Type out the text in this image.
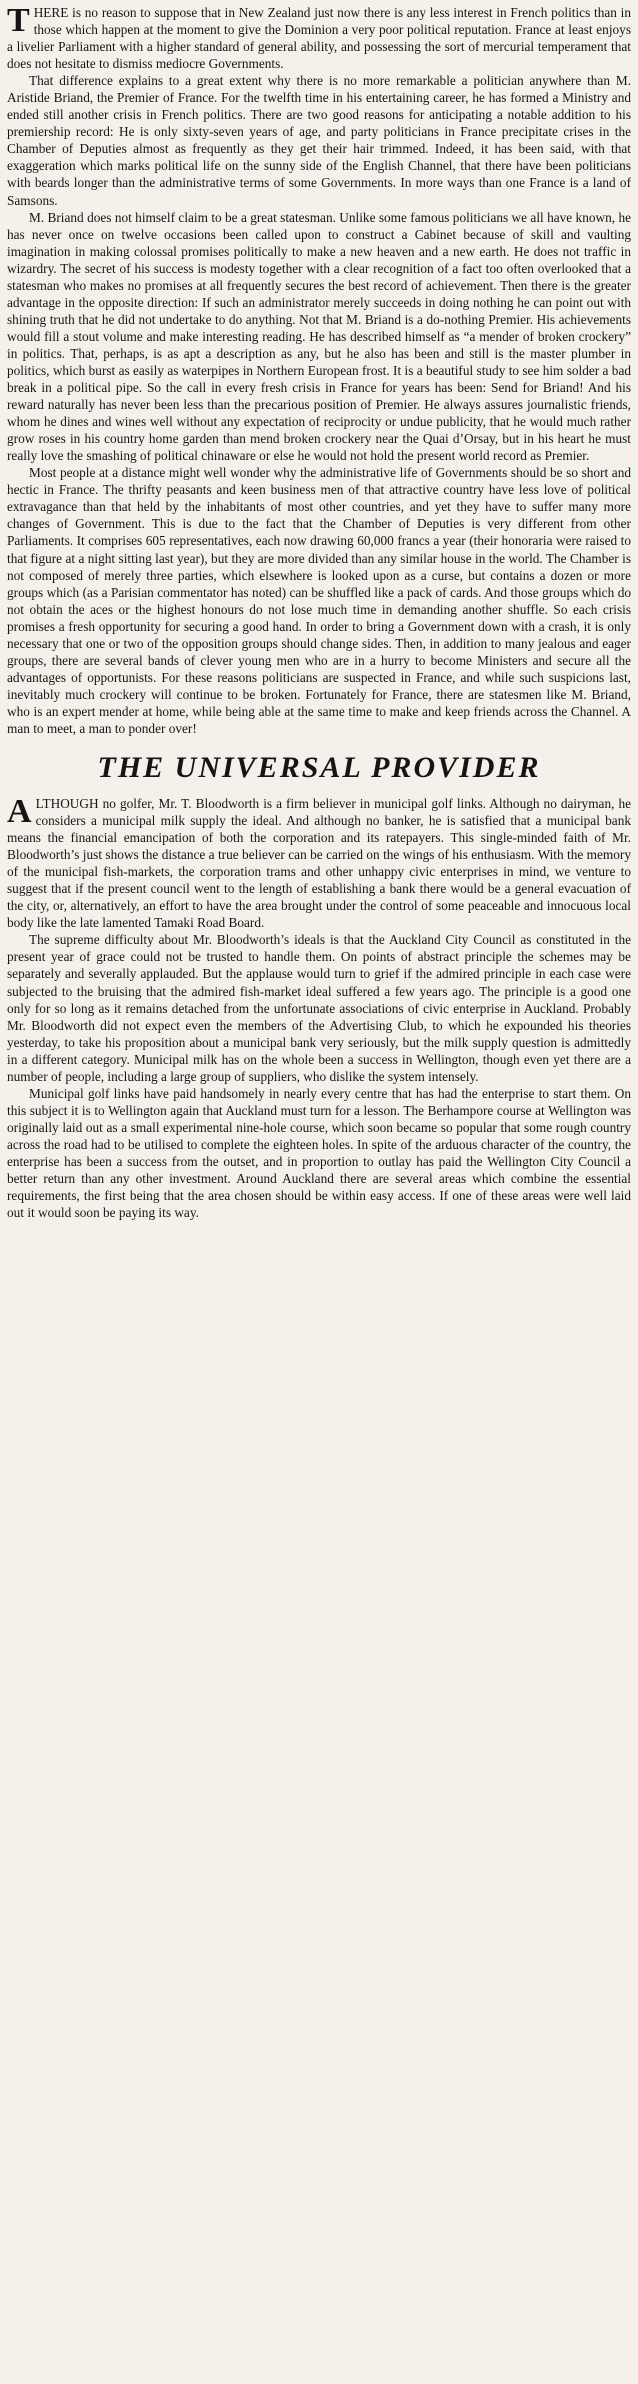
THERE is no reason to suppose that in New Zealand just now there is any less interest in French politics than in those which happen at the moment to give the Dominion a very poor political reputation. France at least enjoys a livelier Parliament with a higher standard of general ability, and possessing the sort of mercurial temperament that does not hesitate to dismiss mediocre Governments.

That difference explains to a great extent why there is no more remarkable a politician anywhere than M. Aristide Briand, the Premier of France. For the twelfth time in his entertaining career, he has formed a Ministry and ended still another crisis in French politics. There are two good reasons for anticipating a notable addition to his premiership record: He is only sixty-seven years of age, and party politicians in France precipitate crises in the Chamber of Deputies almost as frequently as they get their hair trimmed. Indeed, it has been said, with that exaggeration which marks political life on the sunny side of the English Channel, that there have been politicians with beards longer than the administrative terms of some Governments. In more ways than one France is a land of Samsons.

M. Briand does not himself claim to be a great statesman. Unlike some famous politicians we all have known, he has never once on twelve occasions been called upon to construct a Cabinet because of skill and vaulting imagination in making colossal promises politically to make a new heaven and a new earth. He does not traffic in wizardry. The secret of his success is modesty together with a clear recognition of a fact too often overlooked that a statesman who makes no promises at all frequently secures the best record of achievement. Then there is the greater advantage in the opposite direction: If such an administrator merely succeeds in doing nothing he can point out with shining truth that he did not undertake to do anything. Not that M. Briand is a do-nothing Premier. His achievements would fill a stout volume and make interesting reading. He has described himself as “a mender of broken crockery” in politics. That, perhaps, is as apt a description as any, but he also has been and still is the master plumber in politics, which burst as easily as waterpipes in Northern European frost. It is a beautiful study to see him solder a bad break in a political pipe. So the call in every fresh crisis in France for years has been: Send for Briand! And his reward naturally has never been less than the precarious position of Premier. He always assures journalistic friends, whom he dines and wines well without any expectation of reciprocity or undue publicity, that he would much rather grow roses in his country home garden than mend broken crockery near the Quai d’Orsay, but in his heart he must really love the smashing of political chinaware or else he would not hold the present world record as Premier.

Most people at a distance might well wonder why the administrative life of Governments should be so short and hectic in France. The thrifty peasants and keen business men of that attractive country have less love of political extravagance than that held by the inhabitants of most other countries, and yet they have to suffer many more changes of Government. This is due to the fact that the Chamber of Deputies is very different from other Parliaments. It comprises 605 representatives, each now drawing 60,000 francs a year (their honoraria were raised to that figure at a night sitting last year), but they are more divided than any similar house in the world. The Chamber is not composed of merely three parties, which elsewhere is looked upon as a curse, but contains a dozen or more groups which (as a Parisian commentator has noted) can be shuffled like a pack of cards. And those groups which do not obtain the aces or the highest honours do not lose much time in demanding another shuffle. So each crisis promises a fresh opportunity for securing a good hand. In order to bring a Government down with a crash, it is only necessary that one or two of the opposition groups should change sides. Then, in addition to many jealous and eager groups, there are several bands of clever young men who are in a hurry to become Ministers and secure all the advantages of opportunists. For these reasons politicians are suspected in France, and while such suspicions last, inevitably much crockery will continue to be broken. Fortunately for France, there are statesmen like M. Briand, who is an expert mender at home, while being able at the same time to make and keep friends across the Channel. A man to meet, a man to ponder over!

THE UNIVERSAL PROVIDER

ALTHOUGH no golfer, Mr. T. Bloodworth is a firm believer in municipal golf links. Although no dairyman, he considers a municipal milk supply the ideal. And although no banker, he is satisfied that a municipal bank means the financial emancipation of both the corporation and its ratepayers. This single-minded faith of Mr. Bloodworth’s just shows the distance a true believer can be carried on the wings of his enthusiasm. With the memory of the municipal fish-markets, the corporation trams and other unhappy civic enterprises in mind, we venture to suggest that if the present council went to the length of establishing a bank there would be a general evacuation of the city, or, alternatively, an effort to have the area brought under the control of some peaceable and innocuous local body like the late lamented Tamaki Road Board.

The supreme difficulty about Mr. Bloodworth’s ideals is that the Auckland City Council as constituted in the present year of grace could not be trusted to handle them. On points of abstract principle the schemes may be separately and severally applauded. But the applause would turn to grief if the admired principle in each case were subjected to the bruising that the admired fish-market ideal suffered a few years ago. The principle is a good one only for so long as it remains detached from the unfortunate associations of civic enterprise in Auckland. Probably Mr. Bloodworth did not expect even the members of the Advertising Club, to which he expounded his theories yesterday, to take his proposition about a municipal bank very seriously, but the milk supply question is admittedly in a different category. Municipal milk has on the whole been a success in Wellington, though even yet there are a number of people, including a large group of suppliers, who dislike the system intensely.

Municipal golf links have paid handsomely in nearly every centre that has had the enterprise to start them. On this subject it is to Wellington again that Auckland must turn for a lesson. The Berhampore course at Wellington was originally laid out as a small experimental nine-hole course, which soon became so popular that some rough country across the road had to be utilised to complete the eighteen holes. In spite of the arduous character of the country, the enterprise has been a success from the outset, and in proportion to outlay has paid the Wellington City Council a better return than any other investment. Around Auckland there are several areas which combine the essential requirements, the first being that the area chosen should be within easy access. If one of these areas were well laid out it would soon be paying its way.
